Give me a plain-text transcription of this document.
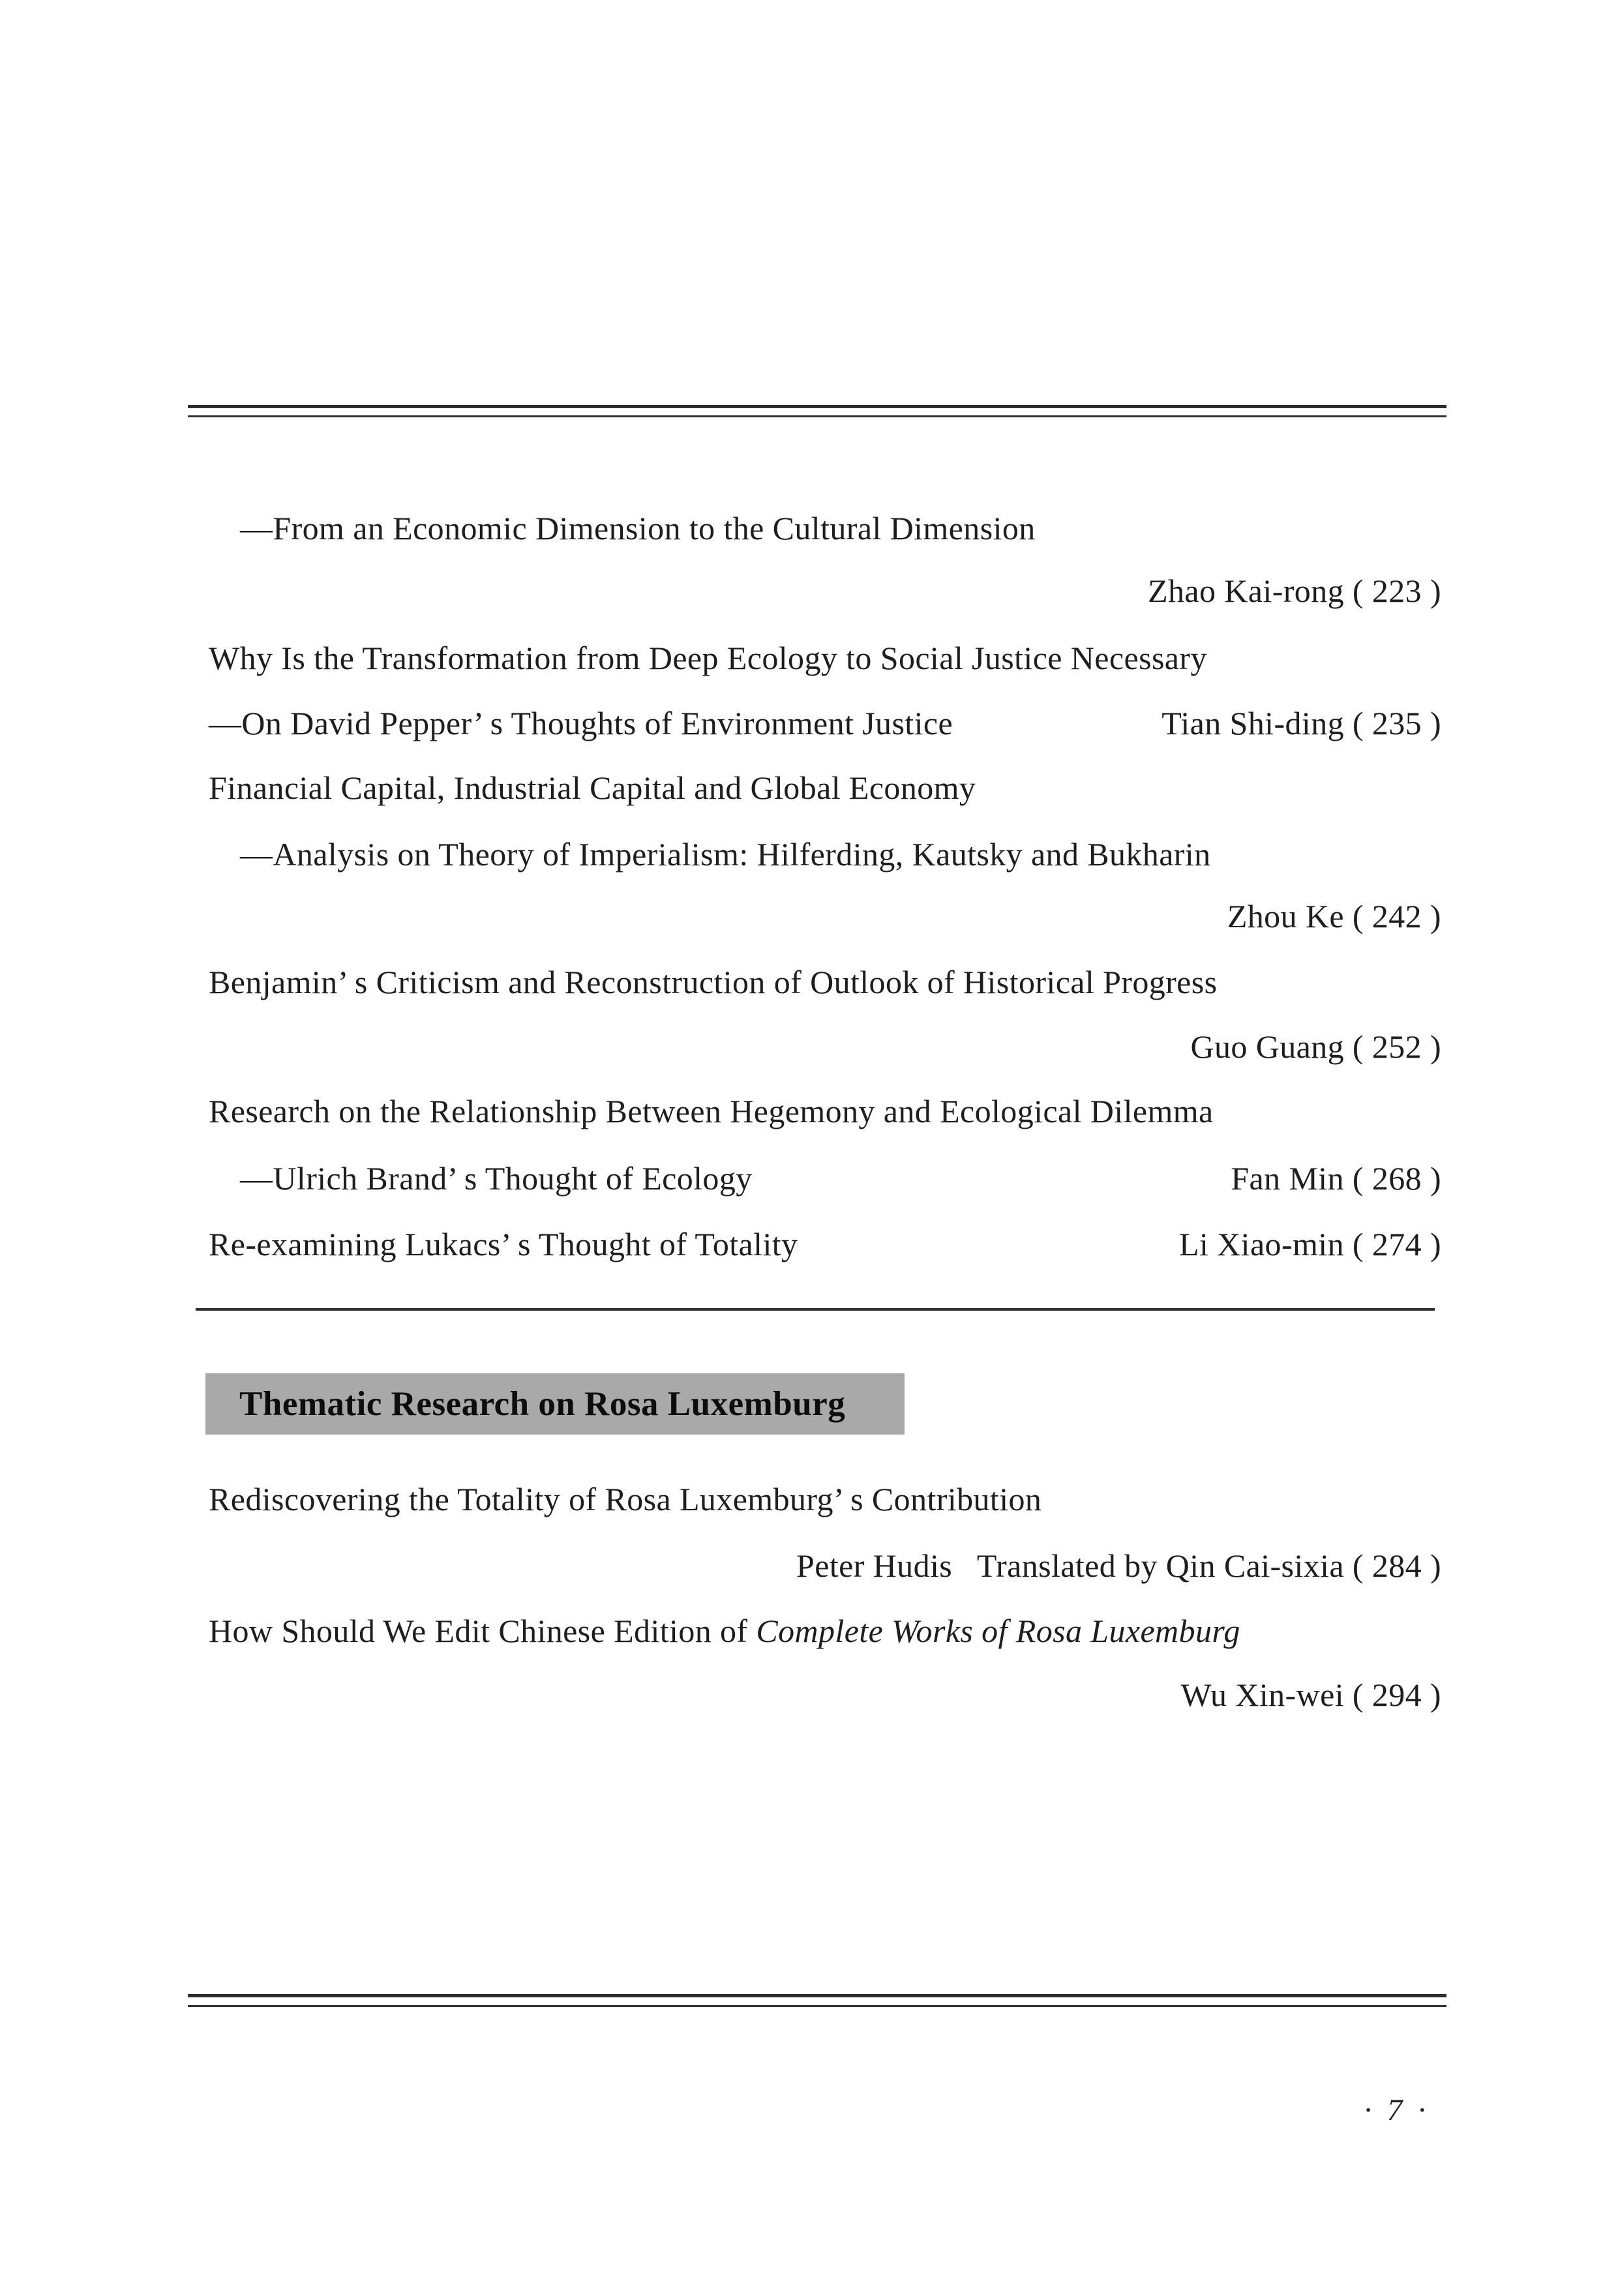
—From an Economic Dimension to the Cultural Dimension
Zhao Kai-rong ( 223 )
Why Is the Transformation from Deep Ecology to Social Justice Necessary
—On David Pepper’ s Thoughts of Environment Justice	Tian Shi-ding ( 235 )
Financial Capital, Industrial Capital and Global Economy
—Analysis on Theory of Imperialism: Hilferding, Kautsky and Bukharin
Zhou Ke ( 242 )
Benjamin’ s Criticism and Reconstruction of Outlook of Historical Progress
Guo Guang ( 252 )
Research on the Relationship Between Hegemony and Ecological Dilemma
—Ulrich Brand’ s Thought of Ecology	Fan Min ( 268 )
Re-examining Lukacs’ s Thought of Totality	Li Xiao-min ( 274 )
Thematic Research on Rosa Luxemburg
Rediscovering the Totality of Rosa Luxemburg’ s Contribution
Peter Hudis   Translated by Qin Cai-sixia ( 284 )
How Should We Edit Chinese Edition of Complete Works of Rosa Luxemburg
Wu Xin-wei ( 294 )
· 7 ·
